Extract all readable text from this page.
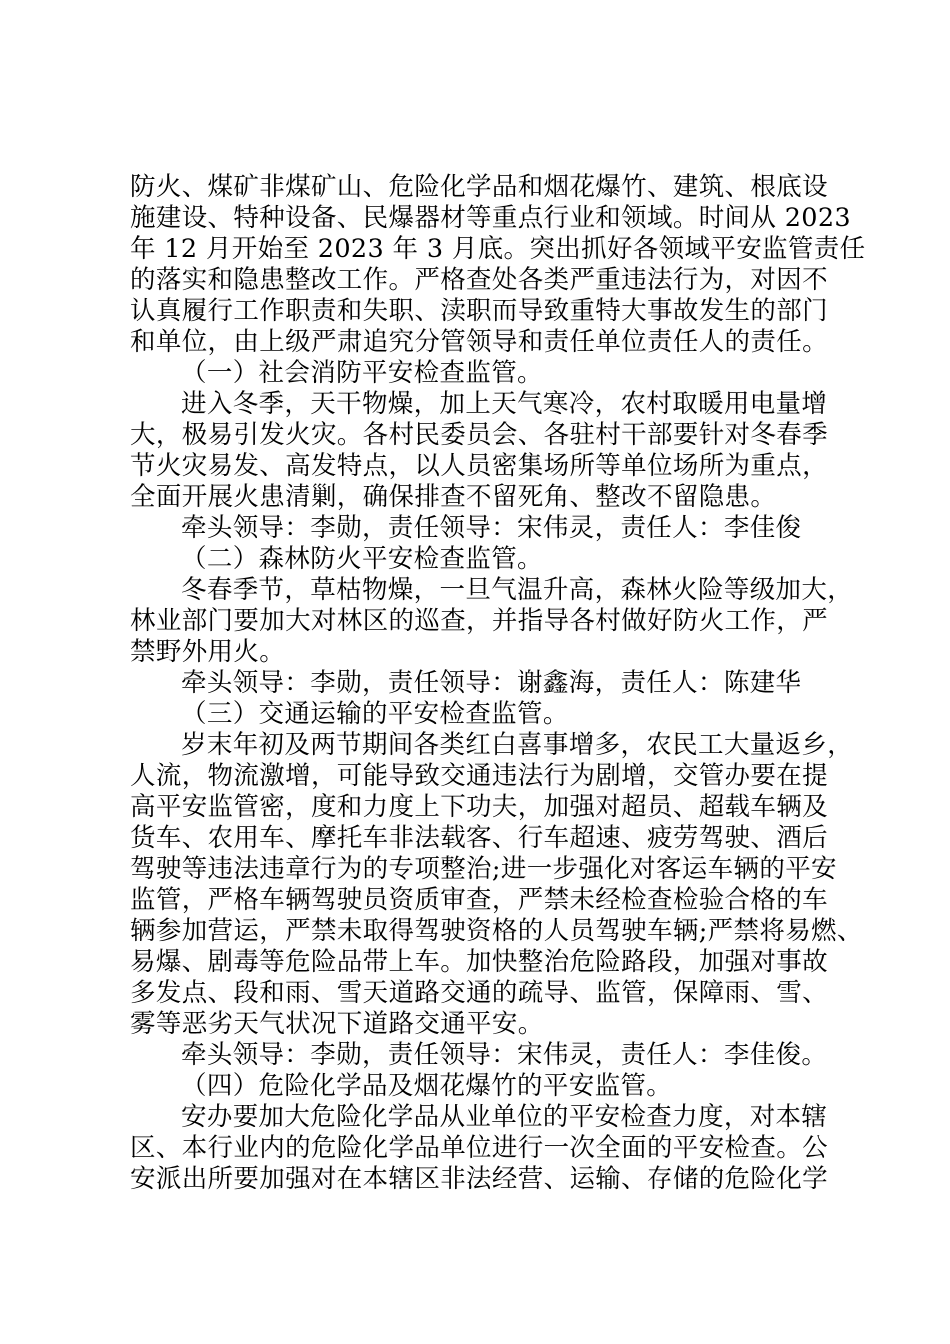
防火、煤矿非煤矿山、危险化学品和烟花爆竹、建筑、根底设
施建设、特种设备、民爆器材等重点行业和领域。时间从 2023
年 12 月开始至 2023 年 3 月底。突出抓好各领域平安监管责任
的落实和隐患整改工作。严格查处各类严重违法行为，对因不
认真履行工作职责和失职、渎职而导致重特大事故发生的部门
和单位，由上级严肃追究分管领导和责任单位责任人的责任。
（一）社会消防平安检查监管。
进入冬季，天干物燥，加上天气寒冷，农村取暖用电量增
大，极易引发火灾。各村民委员会、各驻村干部要针对冬春季
节火灾易发、高发特点，以人员密集场所等单位场所为重点，
全面开展火患清剿，确保排查不留死角、整改不留隐患。
牵头领导：李勋，责任领导：宋伟灵，责任人：李佳俊
（二）森林防火平安检查监管。
冬春季节，草枯物燥，一旦气温升高，森林火险等级加大，
林业部门要加大对林区的巡查，并指导各村做好防火工作，严
禁野外用火。
牵头领导：李勋，责任领导：谢鑫海，责任人：陈建华
（三）交通运输的平安检查监管。
岁末年初及两节期间各类红白喜事增多，农民工大量返乡，
人流，物流激增，可能导致交通违法行为剧增，交管办要在提
高平安监管密，度和力度上下功夫，加强对超员、超载车辆及
货车、农用车、摩托车非法载客、行车超速、疲劳驾驶、酒后
驾驶等违法违章行为的专项整治;进一步强化对客运车辆的平安
监管，严格车辆驾驶员资质审查，严禁未经检查检验合格的车
辆参加营运，严禁未取得驾驶资格的人员驾驶车辆;严禁将易燃、
易爆、剧毒等危险品带上车。加快整治危险路段，加强对事故
多发点、段和雨、雪天道路交通的疏导、监管，保障雨、雪、
雾等恶劣天气状况下道路交通平安。
牵头领导：李勋，责任领导：宋伟灵，责任人：李佳俊。
（四）危险化学品及烟花爆竹的平安监管。
安办要加大危险化学品从业单位的平安检查力度，对本辖
区、本行业内的危险化学品单位进行一次全面的平安检查。公
安派出所要加强对在本辖区非法经营、运输、存储的危险化学
